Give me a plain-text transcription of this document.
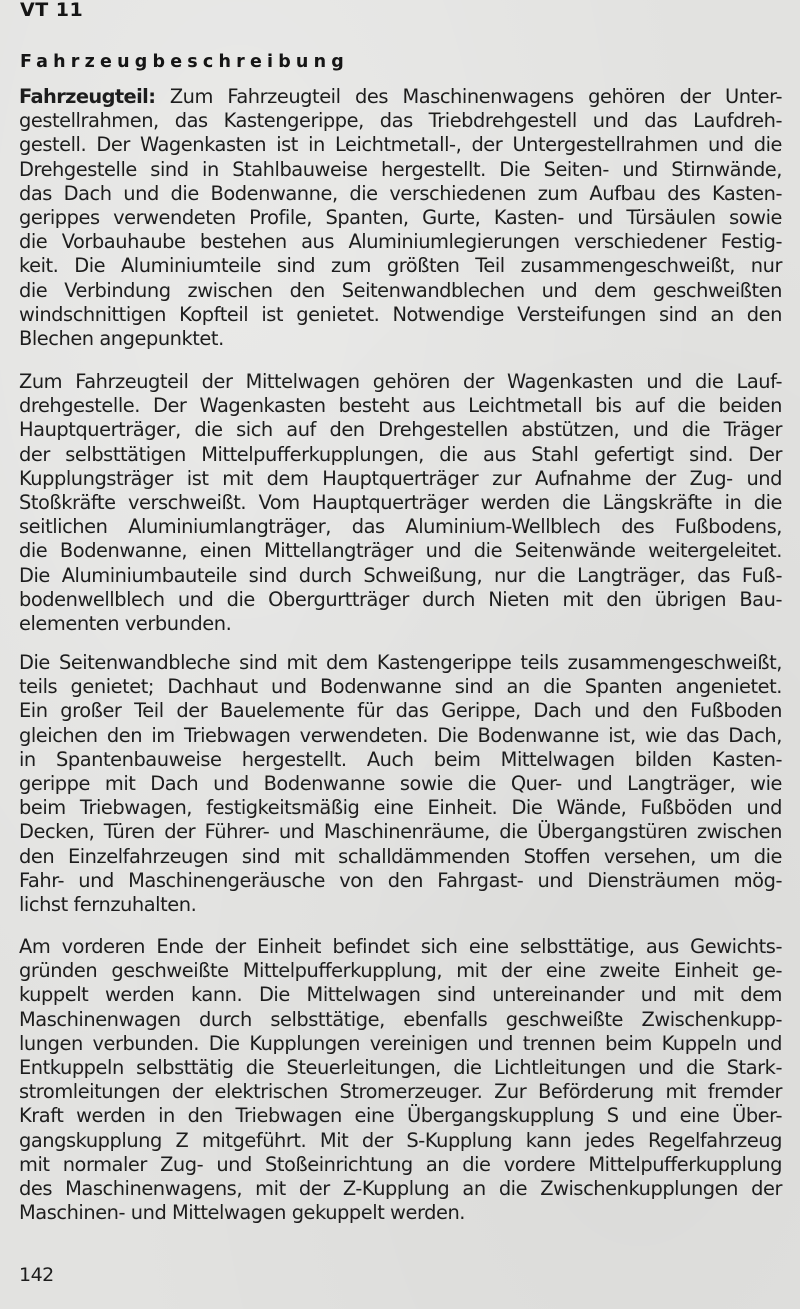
VT 11
Fahrzeugbeschreibung
Fahrzeugteil: Zum Fahrzeugteil des Maschinenwagens gehören der Unter-
gestellrahmen, das Kastengerippe, das Triebdrehgestell und das Laufdreh-
gestell. Der Wagenkasten ist in Leichtmetall-, der Untergestellrahmen und die
Drehgestelle sind in Stahlbauweise hergestellt. Die Seiten- und Stirnwände,
das Dach und die Bodenwanne, die verschiedenen zum Aufbau des Kasten-
gerippes verwendeten Profile, Spanten, Gurte, Kasten- und Türsäulen sowie
die Vorbauhaube bestehen aus Aluminiumlegierungen verschiedener Festig-
keit. Die Aluminiumteile sind zum größten Teil zusammengeschweißt, nur
die Verbindung zwischen den Seitenwandblechen und dem geschweißten
windschnittigen Kopfteil ist genietet. Notwendige Versteifungen sind an den
Blechen angepunktet.
Zum Fahrzeugteil der Mittelwagen gehören der Wagenkasten und die Lauf-
drehgestelle. Der Wagenkasten besteht aus Leichtmetall bis auf die beiden
Hauptquerträger, die sich auf den Drehgestellen abstützen, und die Träger
der selbsttätigen Mittelpufferkupplungen, die aus Stahl gefertigt sind. Der
Kupplungsträger ist mit dem Hauptquerträger zur Aufnahme der Zug- und
Stoßkräfte verschweißt. Vom Hauptquerträger werden die Längskräfte in die
seitlichen Aluminiumlangträger, das Aluminium-Wellblech des Fußbodens,
die Bodenwanne, einen Mittellangträger und die Seitenwände weitergeleitet.
Die Aluminiumbauteile sind durch Schweißung, nur die Langträger, das Fuß-
bodenwellblech und die Obergurtträger durch Nieten mit den übrigen Bau-
elementen verbunden.
Die Seitenwandbleche sind mit dem Kastengerippe teils zusammengeschweißt,
teils genietet; Dachhaut und Bodenwanne sind an die Spanten angenietet.
Ein großer Teil der Bauelemente für das Gerippe, Dach und den Fußboden
gleichen den im Triebwagen verwendeten. Die Bodenwanne ist, wie das Dach,
in Spantenbauweise hergestellt. Auch beim Mittelwagen bilden Kasten-
gerippe mit Dach und Bodenwanne sowie die Quer- und Langträger, wie
beim Triebwagen, festigkeitsmäßig eine Einheit. Die Wände, Fußböden und
Decken, Türen der Führer- und Maschinenräume, die Übergangstüren zwischen
den Einzelfahrzeugen sind mit schalldämmenden Stoffen versehen, um die
Fahr- und Maschinengeräusche von den Fahrgast- und Diensträumen mög-
lichst fernzuhalten.
Am vorderen Ende der Einheit befindet sich eine selbsttätige, aus Gewichts-
gründen geschweißte Mittelpufferkupplung, mit der eine zweite Einheit ge-
kuppelt werden kann. Die Mittelwagen sind untereinander und mit dem
Maschinenwagen durch selbsttätige, ebenfalls geschweißte Zwischenkupp-
lungen verbunden. Die Kupplungen vereinigen und trennen beim Kuppeln und
Entkuppeln selbsttätig die Steuerleitungen, die Lichtleitungen und die Stark-
stromleitungen der elektrischen Stromerzeuger. Zur Beförderung mit fremder
Kraft werden in den Triebwagen eine Übergangskupplung S und eine Über-
gangskupplung Z mitgeführt. Mit der S-Kupplung kann jedes Regelfahrzeug
mit normaler Zug- und Stoßeinrichtung an die vordere Mittelpufferkupplung
des Maschinenwagens, mit der Z-Kupplung an die Zwischenkupplungen der
Maschinen- und Mittelwagen gekuppelt werden.
142
